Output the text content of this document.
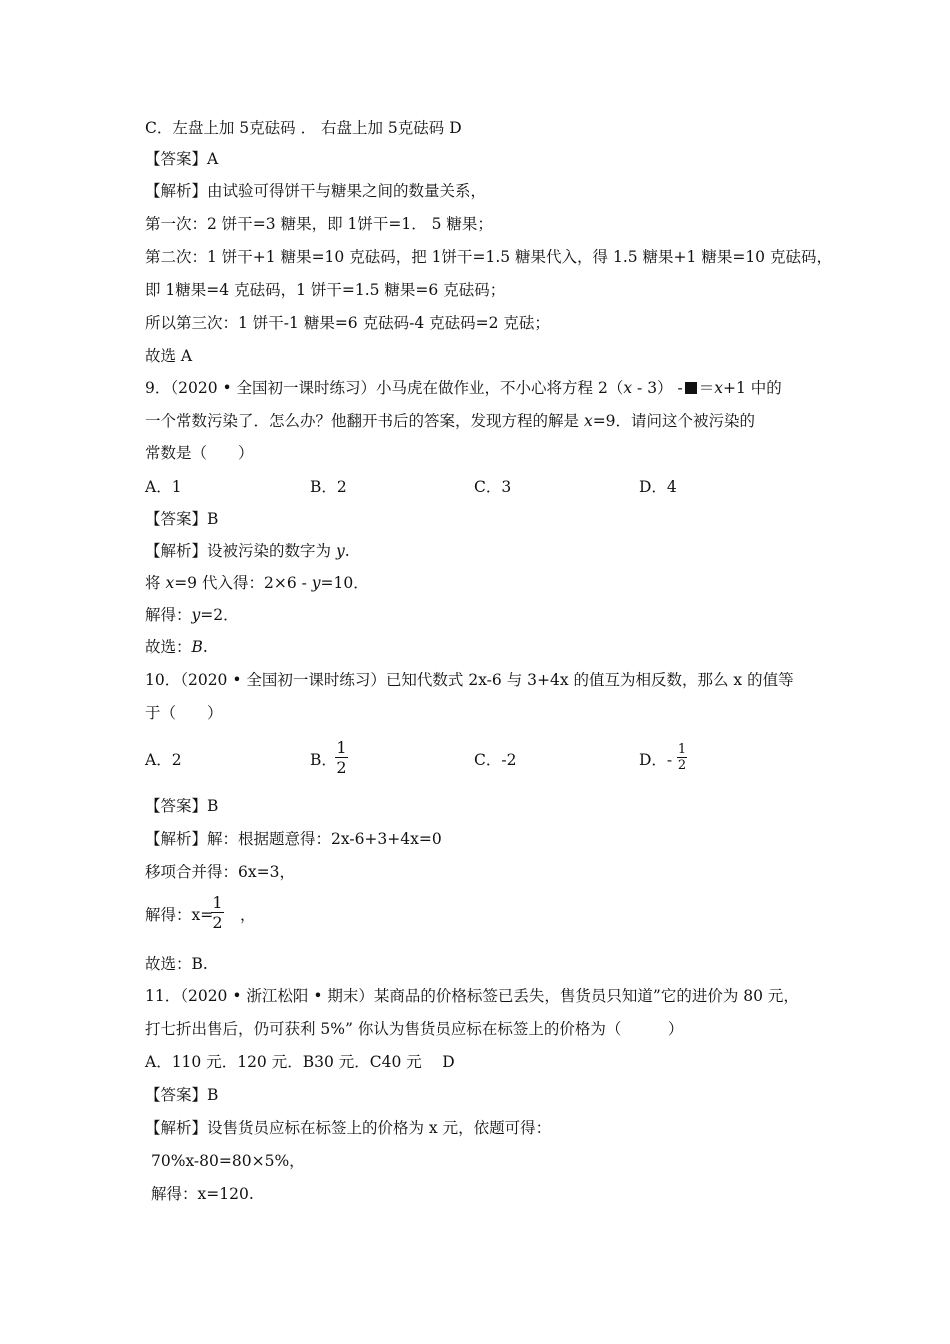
C．左盘上加 5克砝码 ． 右盘上加 5克砝码 D
【答案】A
【解析】由试验可得饼干与糖果之间的数量关系，
第一次：2 饼干=3 糖果，即 1饼干=1． 5 糖果；
第二次：1 饼干+1 糖果=10 克砝码，把 1饼干=1.5 糖果代入，得 1.5 糖果+1 糖果=10 克砝码，
即 1糖果=4 克砝码，1 饼干=1.5 糖果=6 克砝码；
所以第三次：1 饼干-1 糖果=6 克砝码-4 克砝码=2 克砝；
故选 A
9．（2020 • 全国初一课时练习）小马虎在做作业，不小心将方程 2（x - 3） - ＝x+1 中的
一个常数污染了．怎么办？他翻开书后的答案，发现方程的解是 x=9．请问这个被污染的
常数是（　　）
A．1	B．2	C．3	D．4
【答案】B
【解析】设被污染的数字为 y.
将 x=9 代入得：2×6 - y=10．
解得：y=2．
故选：B.
10．（2020 • 全国初一课时练习）已知代数式 2x-6 与 3+4x 的值互为相反数，那么 x 的值等
于（　　）
A．2	B．
1
2	C．-2	D．-
1
2
【答案】B
【解析】解：根据题意得：2x-6+3+4x=0
移项合并得：6x=3，
解得：x=
1
2 ，
故选：B.
11．（2020 • 浙江松阳 • 期末）某商品的价格标签已丢失，售货员只知道”它的进价为 80 元，
打七折出售后，仍可获利 5%” 你认为售货员应标在标签上的价格为（　　　）
A．110 元．120 元．B30 元．C40 元　 D
【答案】B
【解析】设售货员应标在标签上的价格为 x 元，依题可得：
70%x-80=80×5%，
解得：x=120.
